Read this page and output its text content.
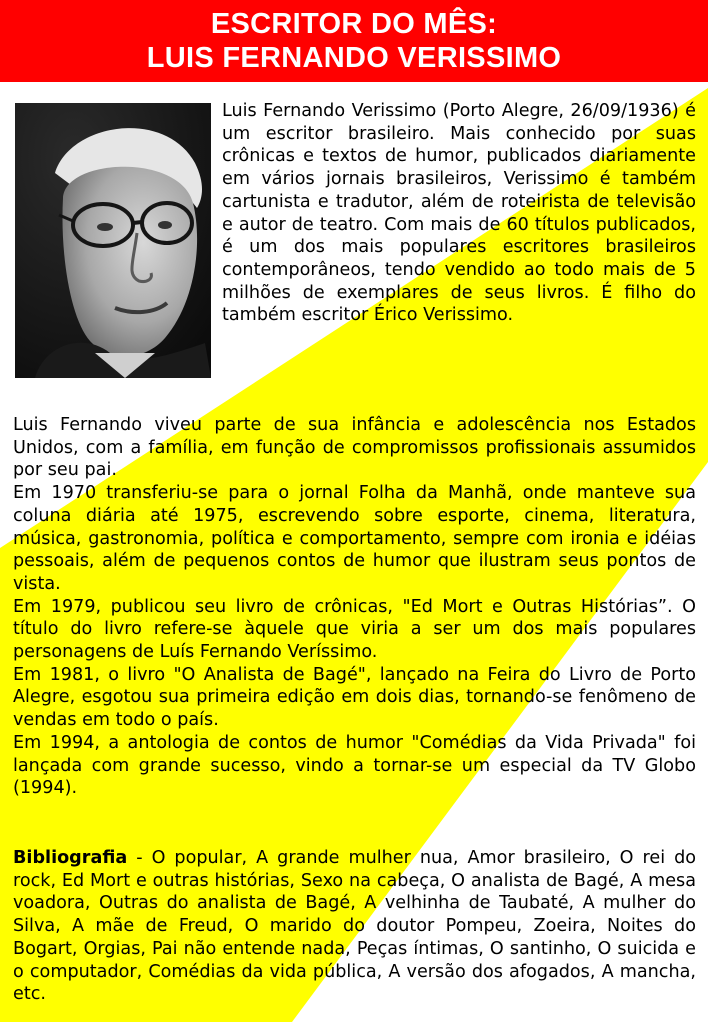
ESCRITOR DO MÊS:
LUIS FERNANDO VERISSIMO
Luis Fernando Verissimo (Porto Alegre, 26/09/1936) é um escritor brasileiro. Mais conhecido por suas crônicas e textos de humor, publicados diariamente em vários jornais brasileiros, Verissimo é também cartunista e tradutor, além de roteirista de televisão e autor de teatro. Com mais de 60 títulos publicados, é um dos mais populares escritores brasileiros contemporâneos, tendo vendido ao todo mais de 5 milhões de exemplares de seus livros. É filho do também escritor Érico Verissimo.

Luis Fernando viveu parte de sua infância e adolescência nos Estados Unidos, com a família, em função de compromissos profissionais assumidos por seu pai.

Em 1970 transferiu-se para o jornal Folha da Manhã, onde manteve sua coluna diária até 1975, escrevendo sobre esporte, cinema, literatura, música, gastronomia, política e comportamento, sempre com ironia e idéias pessoais, além de pequenos contos de humor que ilustram seus pontos de vista.

Em 1979, publicou seu livro de crônicas, "Ed Mort e Outras Histórias”. O título do livro refere-se àquele que viria a ser um dos mais populares personagens de Luís Fernando Veríssimo.

Em 1981, o livro "O Analista de Bagé", lançado na Feira do Livro de Porto Alegre, esgotou sua primeira edição em dois dias, tornando-se fenômeno de vendas em todo o país.

Em 1994, a antologia de contos de humor "Comédias da Vida Privada" foi lançada com grande sucesso, vindo a tornar-se um especial da TV Globo (1994).

Bibliografia - O popular, A grande mulher nua, Amor brasileiro, O rei do rock, Ed Mort e outras histórias, Sexo na cabeça, O analista de Bagé, A mesa voadora, Outras do analista de Bagé, A velhinha de Taubaté, A mulher do Silva, A mãe de Freud, O marido do doutor Pompeu, Zoeira, Noites do Bogart, Orgias, Pai não entende nada, Peças íntimas, O santinho, O suicida e o computador, Comédias da vida pública, A versão dos afogados, A mancha, etc.
